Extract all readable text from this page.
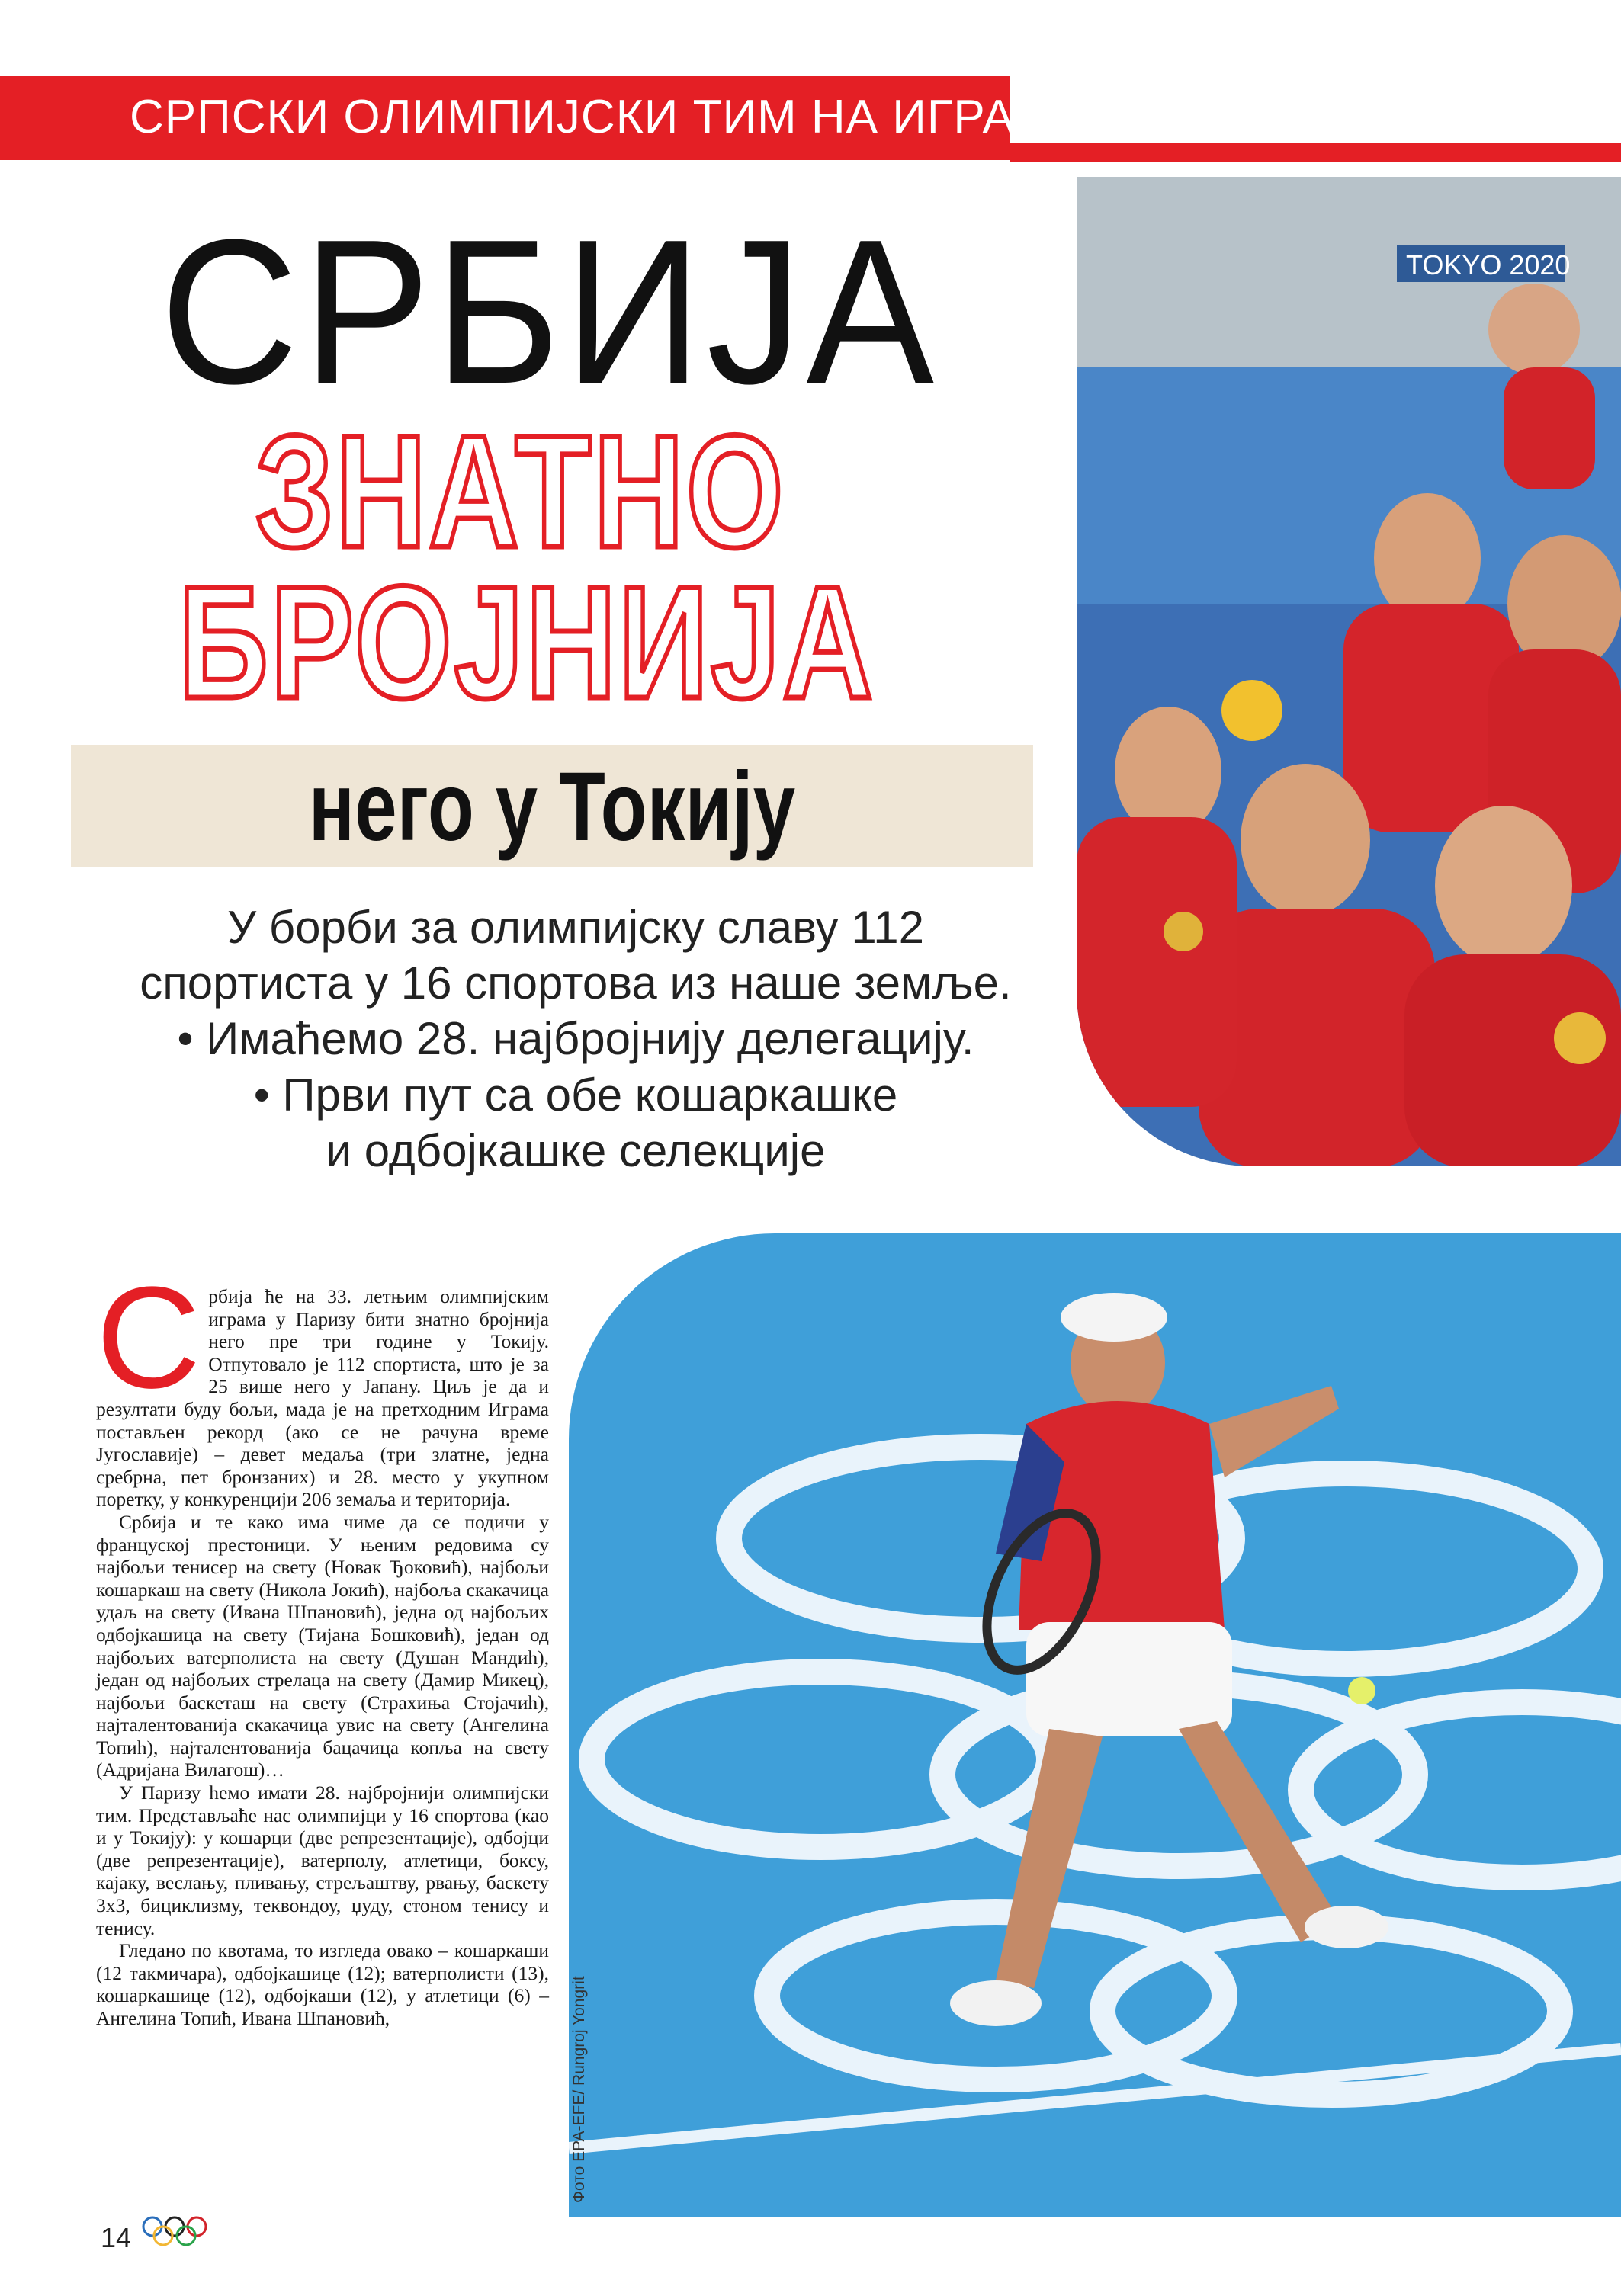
СРПСКИ ОЛИМПИЈСКИ ТИМ НА ИГРАМА 2024.
TOKYO 2020
СРБИЈА
ЗНАТНО
БРОЈНИЈА
него у Токију
У борби за олимпијску славу 112
спортиста у 16 спортова из наше земље.
• Имаћемо 28. најбројнију делегацију.
• Први пут са обе кошаркашке
и одбојкашке селекције
С рбија ће на 33. летњим олимпијским играма у Паризу бити знатно бројнија него пре три године у Токију. Отпутовало је 112 спортиста, што је за 25 више него у Јапану. Циљ је да и резултати буду бољи, мада је на претходним Играма постављен рекорд (ако се не рачуна време Југославије) – девет медаља (три златне, једна сребрна, пет бронзаних) и 28. место у укупном поретку, у конкуренцији 206 земаља и територија.

Србија и те како има чиме да се подичи у француској престоници. У њеним редовима су најбољи тенисер на свету (Новак Ђоковић), најбољи кошаркаш на свету (Никола Јокић), најбоља скакачица удаљ на свету (Ивана Шпановић), једна од најбољих одбојкашица на свету (Тијана Бошковић), један од најбољих ватерполиста на свету (Душан Мандић), један од најбољих стрелаца на свету (Дамир Микец), најбољи баскеташ на свету (Страхиња Стојачић), најталентованија скакачица увис на свету (Ангелина Топић), најталентованија бацачица копља на свету (Адријана Вилагош)…

У Паризу ћемо имати 28. најбројнији олимпијски тим. Представљаће нас олимпијци у 16 спортова (као и у Токију): у кошарци (две репрезентације), одбојци (две репрезентације), ватерполу, атлетици, боксу, кајаку, веслању, пливању, стрељаштву, рвању, баскету 3х3, бициклизму, теквондоу, џуду, стоном тенису и тенису.

Гледано по квотама, то изгледа овако – кошаркаши (12 такмичара), одбојкашице (12); ватерполисти (13), кошаркашице (12), одбојкаши (12), у атлетици (6) – Ангелина Топић, Ивана Шпановић,	Фото EPA-EFE/ Rungroj Yongrit
14
